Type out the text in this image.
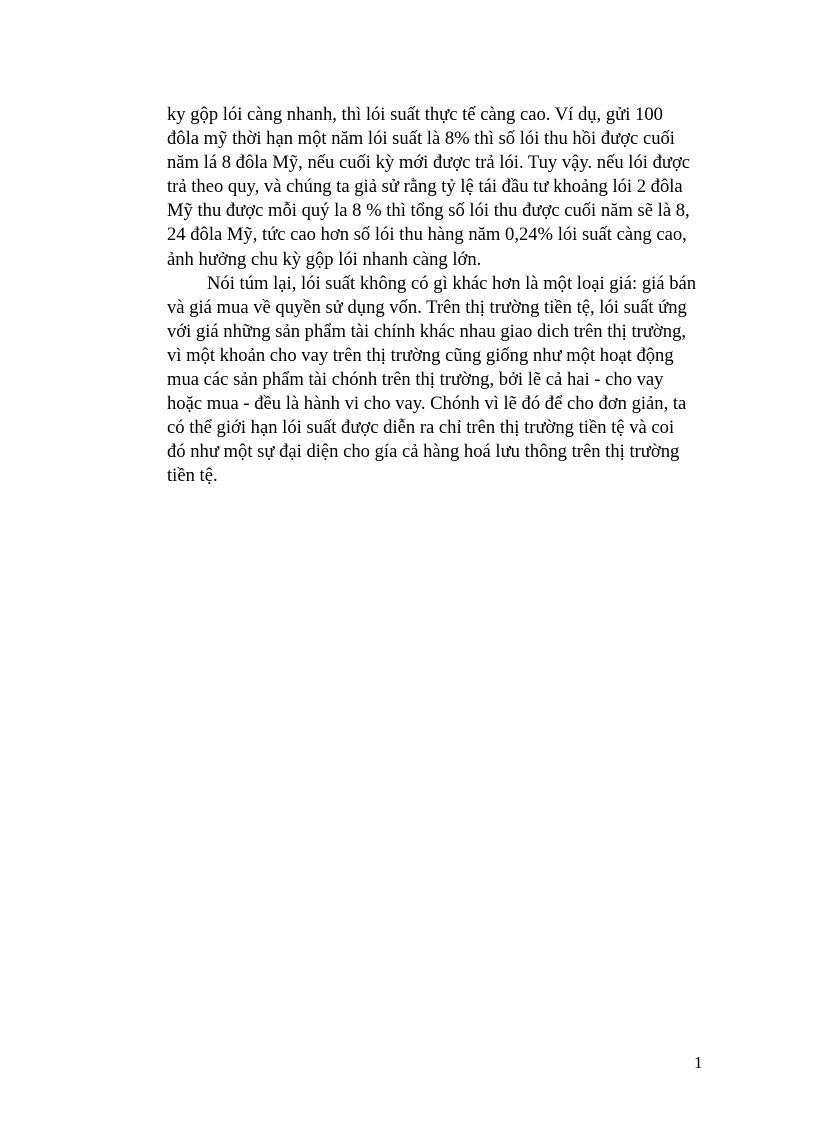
ky gộp lói càng nhanh, thì lói suất thực tế càng cao. Ví dụ, gửi 100
đôla mỹ thời hạn một năm lói suất là 8% thì số lói thu hồi được cuối
năm lá 8 đôla Mỹ, nếu cuối kỳ mới được trả lói. Tuy vậy. nếu lói được
trả theo quy, và chúng ta giả sử rằng tỷ lệ tái đầu tư khoảng lói 2 đôla
Mỹ thu được mỗi quý la 8 % thì tổng số lói thu được cuối năm sẽ là 8,
24 đôla Mỹ, tức cao hơn số lói thu hàng năm 0,24% lói suất càng cao,
ảnh hưởng chu kỳ gộp lói nhanh càng lớn.
Nói túm lại, lói suất không có gì khác hơn là một loại giá: giá bán
và giá mua về quyền sử dụng vốn. Trên thị trường tiền tệ, lói suất ứng
với giá những sản phẩm tài chính khác nhau giao dich trên thị trường,
vì một khoản cho vay trên thị trường cũng giống như một hoạt động
mua các sản phẩm tài chónh trên thị trường, bởi lẽ cả hai - cho vay
hoặc mua - đều là hành vi cho vay. Chónh vì lẽ đó để cho đơn giản, ta
có thể giới hạn lói suất được diễn ra chỉ trên thị trường tiền tệ và coi
đó như một sự đại diện cho gía cả hàng hoá lưu thông trên thị trường
tiền tệ.
1
